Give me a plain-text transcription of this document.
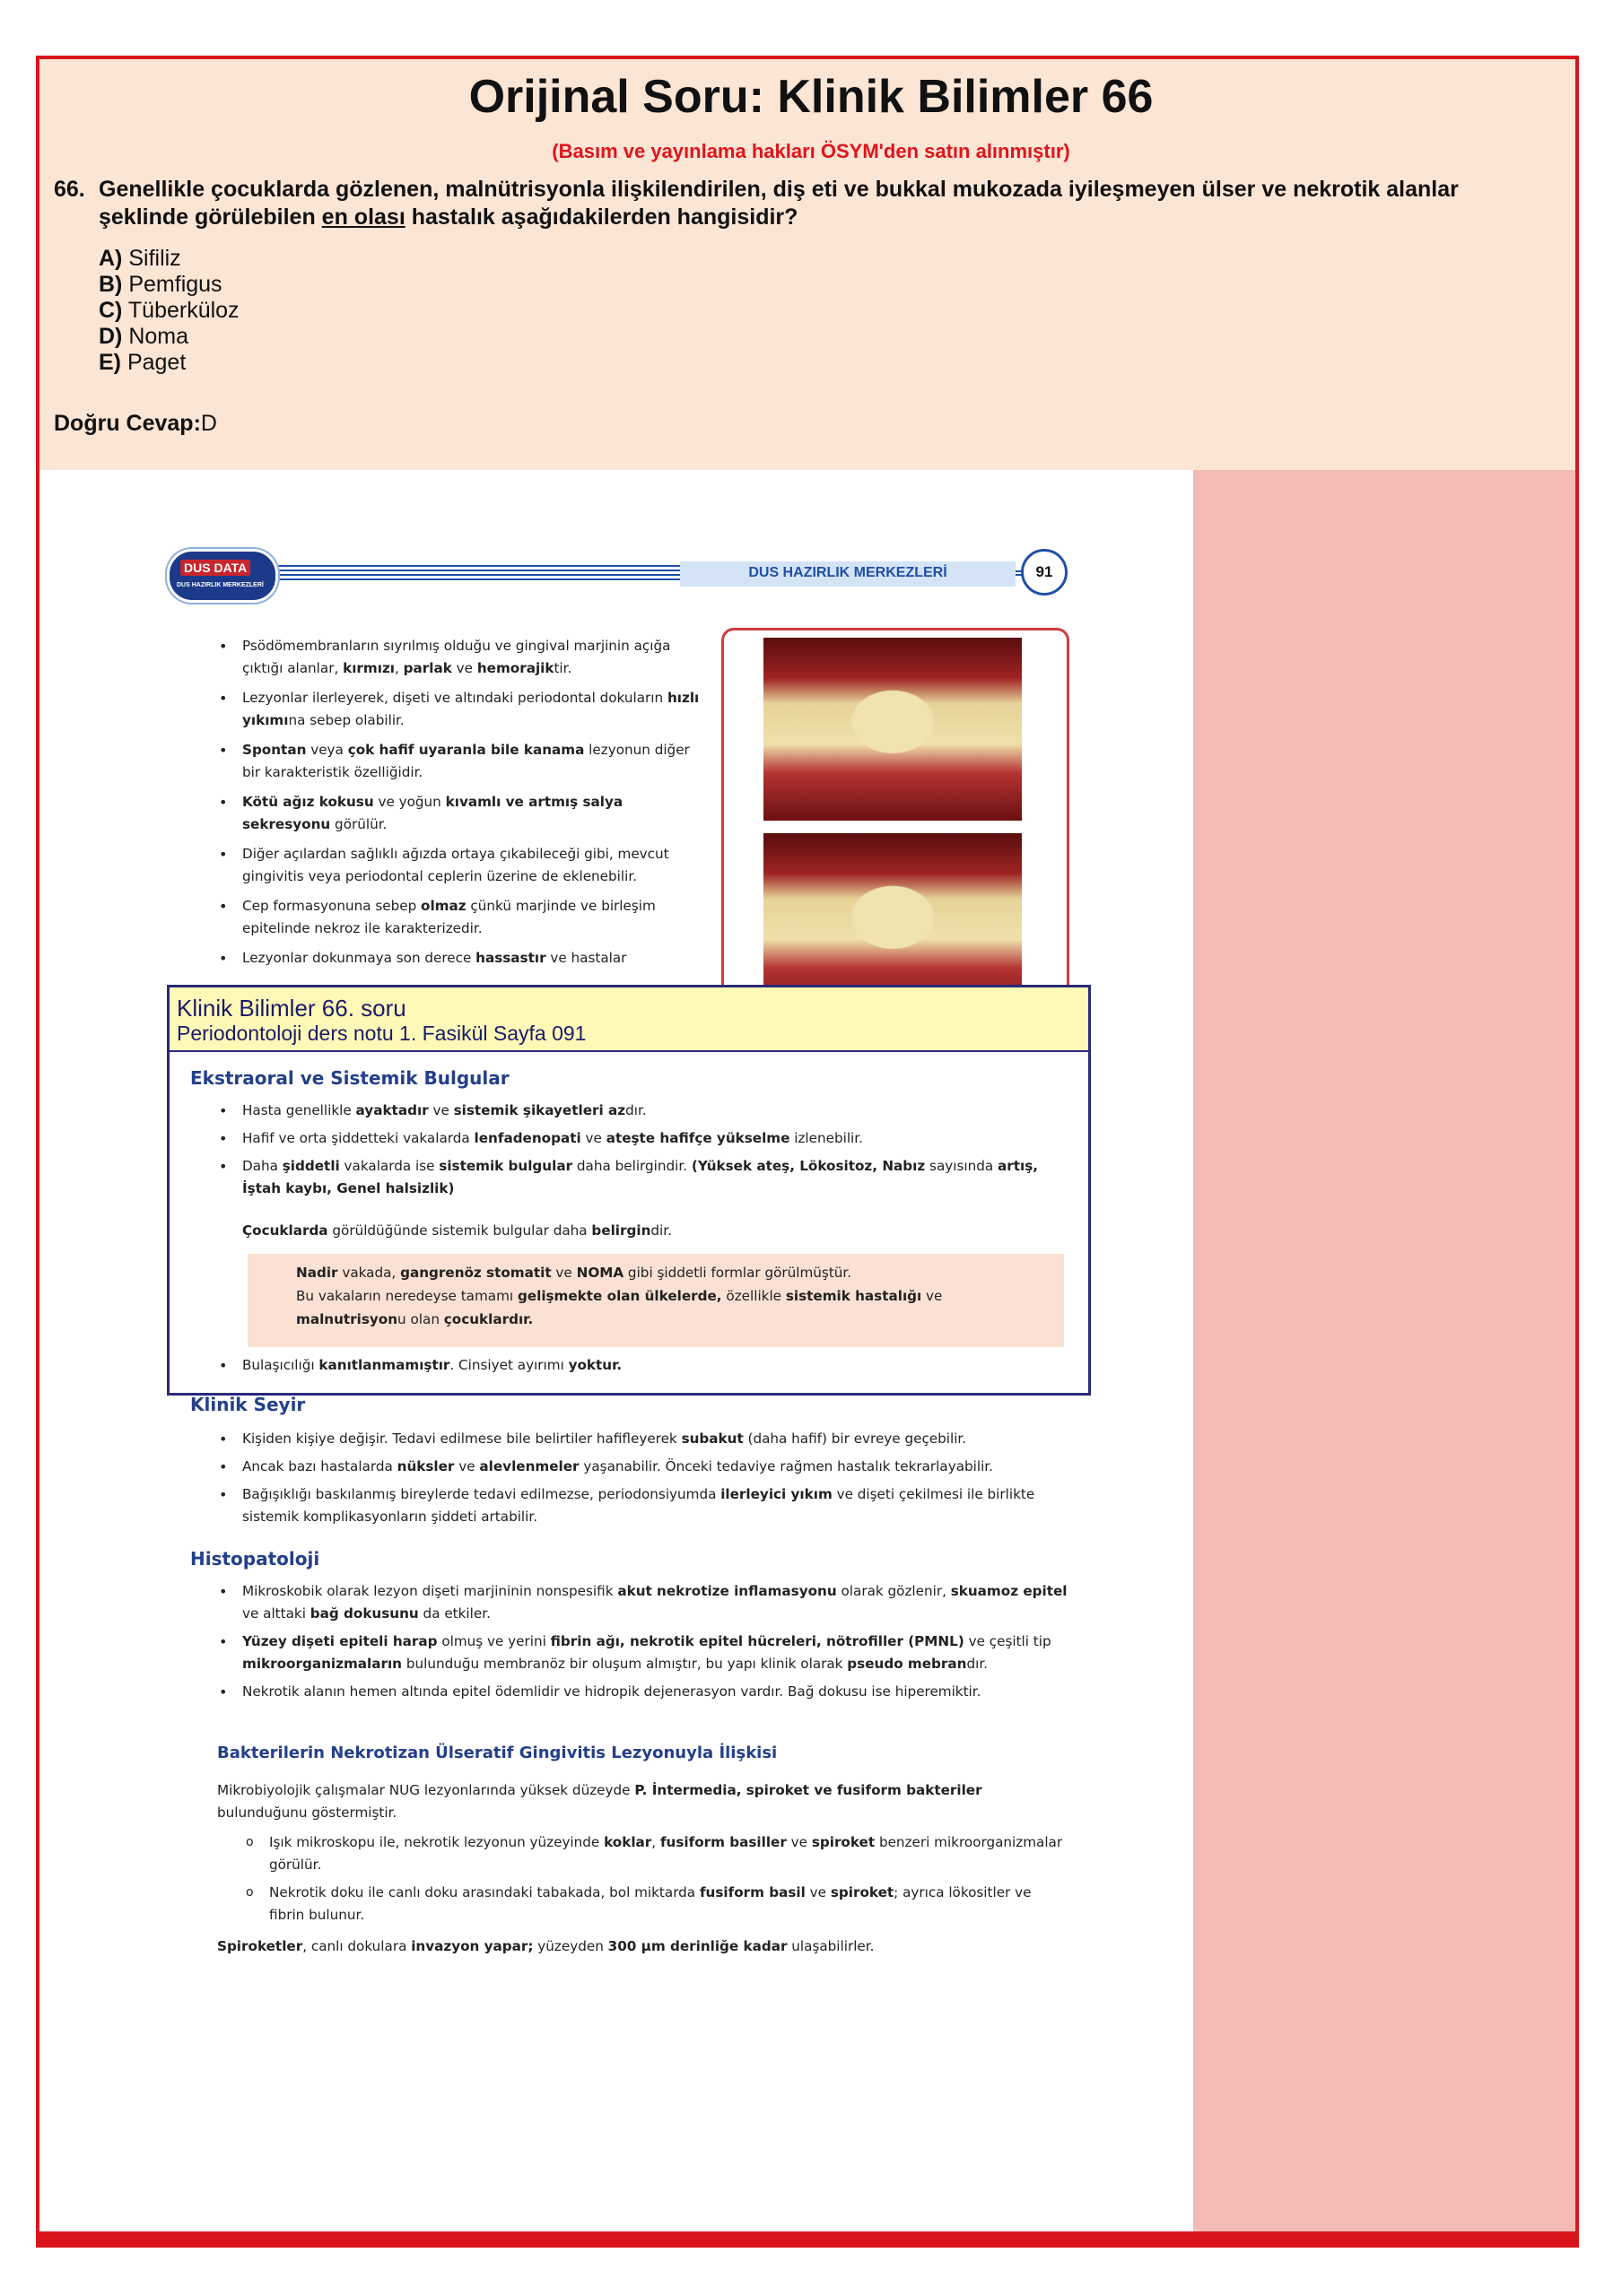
Orijinal Soru: Klinik Bilimler 66
(Basım ve yayınlama hakları ÖSYM'den satın alınmıştır)
66. Genellikle çocuklarda gözlenen, malnütrisyonla ilişkilendirilen, diş eti ve bukkal mukozada iyileşmeyen ülser ve nekrotik alanlar şeklinde görülebilen en olası hastalık aşağıdakilerden hangisidir?
A) Sifiliz
B) Pemfigus
C) Tüberküloz
D) Noma
E) Paget
Doğru Cevap:D
DUS HAZIRLIK MERKEZLERİ
DUS DATA
DUS HAZIRLIK MERKEZLERİ
91
• Psödömembranların sıyrılmış olduğu ve gingival marjinin açığa çıktığı alanlar, kırmızı, parlak ve hemorajiktir.
• Lezyonlar ilerleyerek, dişeti ve altındaki periodontal dokuların hızlı yıkımına sebep olabilir.
• Spontan veya çok hafif uyaranla bile kanama lezyonun diğer bir karakteristik özelliğidir.
• Kötü ağız kokusu ve yoğun kıvamlı ve artmış salya sekresyonu görülür.
• Diğer açılardan sağlıklı ağızda ortaya çıkabileceği gibi, mevcut gingivitis veya periodontal ceplerin üzerine de eklenebilir.
• Cep formasyonuna sebep olmaz çünkü marjinde ve birleşim epitelinde nekroz ile karakterizedir.
• Lezyonlar dokunmaya son derece hassastır ve hastalar
Klinik Bilimler 66. soru
Periodontoloji ders notu 1. Fasikül Sayfa 091
Ekstraoral ve Sistemik Bulgular
• Hasta genellikle ayaktadır ve sistemik şikayetleri azdır.
• Hafif ve orta şiddetteki vakalarda lenfadenopati ve ateşte hafifçe yükselme izlenebilir.
• Daha şiddetli vakalarda ise sistemik bulgular daha belirgindir. (Yüksek ateş, Lökositoz, Nabız sayısında artış, İştah kaybı, Genel halsizlik)
Çocuklarda görüldüğünde sistemik bulgular daha belirgindir.
Nadir vakada, gangrenöz stomatit ve NOMA gibi şiddetli formlar görülmüştür.
Bu vakaların neredeyse tamamı gelişmekte olan ülkelerde, özellikle sistemik hastalığı ve malnutrisyonu olan çocuklardır.
• Bulaşıcılığı kanıtlanmamıştır. Cinsiyet ayırımı yoktur.
Klinik Seyir
• Kişiden kişiye değişir. Tedavi edilmese bile belirtiler hafifleyerek subakut (daha hafif) bir evreye geçebilir.
• Ancak bazı hastalarda nüksler ve alevlenmeler yaşanabilir. Önceki tedaviye rağmen hastalık tekrarlayabilir.
• Bağışıklığı baskılanmış bireylerde tedavi edilmezse, periodonsiyumda ilerleyici yıkım ve dişeti çekilmesi ile birlikte sistemik komplikasyonların şiddeti artabilir.
Histopatoloji
• Mikroskobik olarak lezyon dişeti marjininin nonspesifik akut nekrotize inflamasyonu olarak gözlenir, skuamoz epitel ve alttaki bağ dokusunu da etkiler.
• Yüzey dişeti epiteli harap olmuş ve yerini fibrin ağı, nekrotik epitel hücreleri, nötrofiller (PMNL) ve çeşitli tip mikroorganizmaların bulunduğu membranöz bir oluşum almıştır, bu yapı klinik olarak pseudo mebrandır.
• Nekrotik alanın hemen altında epitel ödemlidir ve hidropik dejenerasyon vardır. Bağ dokusu ise hiperemiktir.
Bakterilerin Nekrotizan Ülseratif Gingivitis Lezyonuyla İlişkisi
Mikrobiyolojik çalışmalar NUG lezyonlarında yüksek düzeyde P. İntermedia, spiroket ve fusiform bakteriler bulunduğunu göstermiştir.
o Işık mikroskopu ile, nekrotik lezyonun yüzeyinde koklar, fusiform basiller ve spiroket benzeri mikroorganizmalar görülür.
o Nekrotik doku ile canlı doku arasındaki tabakada, bol miktarda fusiform basil ve spiroket; ayrıca lökositler ve fibrin bulunur.
Spiroketler, canlı dokulara invazyon yapar; yüzeyden 300 μm derinliğe kadar ulaşabilirler.
